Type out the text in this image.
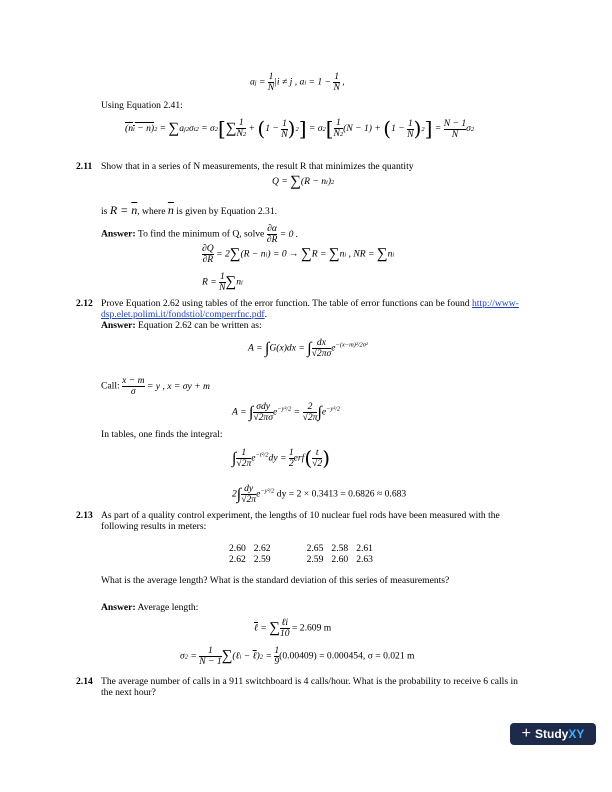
aj = $\frac{1}{N} |i \ne j$ , ai = $1 - \frac{1}{N}$ ,
Using Equation 2.41:
$(ni - n)2 = \sum aj2\sigma i2 = \sigma 2[\sum \frac{1}{N2} + (1 - \frac{1}{N} )2] = \sigma 2[ \frac{1}{N2} (N - 1) + (1 - \frac{1}{N} )2] = \frac{N - 1}{N} \sigma 2$
2.11 Show that in a series of N measurements, the result R that minimizes the quantity
Q = ∑(R − ni)2
is $R = \overline{n}$, where $\overline{n}$ is given by Equation 2.31.
Answer: To find the minimum of Q, solve $\frac{\partial\alpha}{\partial R} = 0$ .
$\frac{\partial Q}{\partial R} = 2\sum(R - ni) = 0 \to \sum R = \sum ni$ , NR = ∑ni
$R = \frac{1}{N} \sum ni$
2.12 Prove Equation 2.62 using tables of the error function. The table of error functions can be found http://www-
dsp.elet.polimi.it/fondstiol/comperrfnc.pdf.
Answer: Equation 2.62 can be written as:
A = ∫G(x)dx = ∫ $\frac{dx}{√2\pi\sigma} e^{-(x-m)^2/2\sigma^2}$
Call: $\frac{x - m}{\sigma} = y$ , x = σy + m
A = ∫ $\frac{\text{σdy}}{√2\pi\sigma} e^{-y^2/2} = \frac{2}{√2\pi} \int e^{-y^2/2}$
In tables, one finds the integral:
∫ $\frac{1}{√2\pi} e^{-t^2/2}dy = \frac{1}{2} erf( \frac{t}{√2}$ )
$2\int \frac{dy}{√2\pi} e^{-y^2/2}$ dy = 2 × 0.3413 = 0.6826 ≈ 0.683
2.13 As part of a quality control experiment, the lengths of 10 nuclear fuel rods have been measured with the
following results in meters:
2.60	2.62		2.65	2.58	2.61
2.62	2.59		2.59	2.60	2.63
What is the average length? What is the standard deviation of this series of measurements?
Answer: Average length:
ℓ = ∑ $\frac{\text{ℓi}}{10} = 2.609$ m
$\sigma 2 = \frac{1}{N - 1}$ ∑(ℓi − ℓ)2 = $\frac{1}{9} (0.00409) = 0.000454$, σ = 0.021 m
2.14 The average number of calls in a 911 switchboard is 4 calls/hour. What is the probability to receive 6 calls in
the next hour?
+ Study XY
